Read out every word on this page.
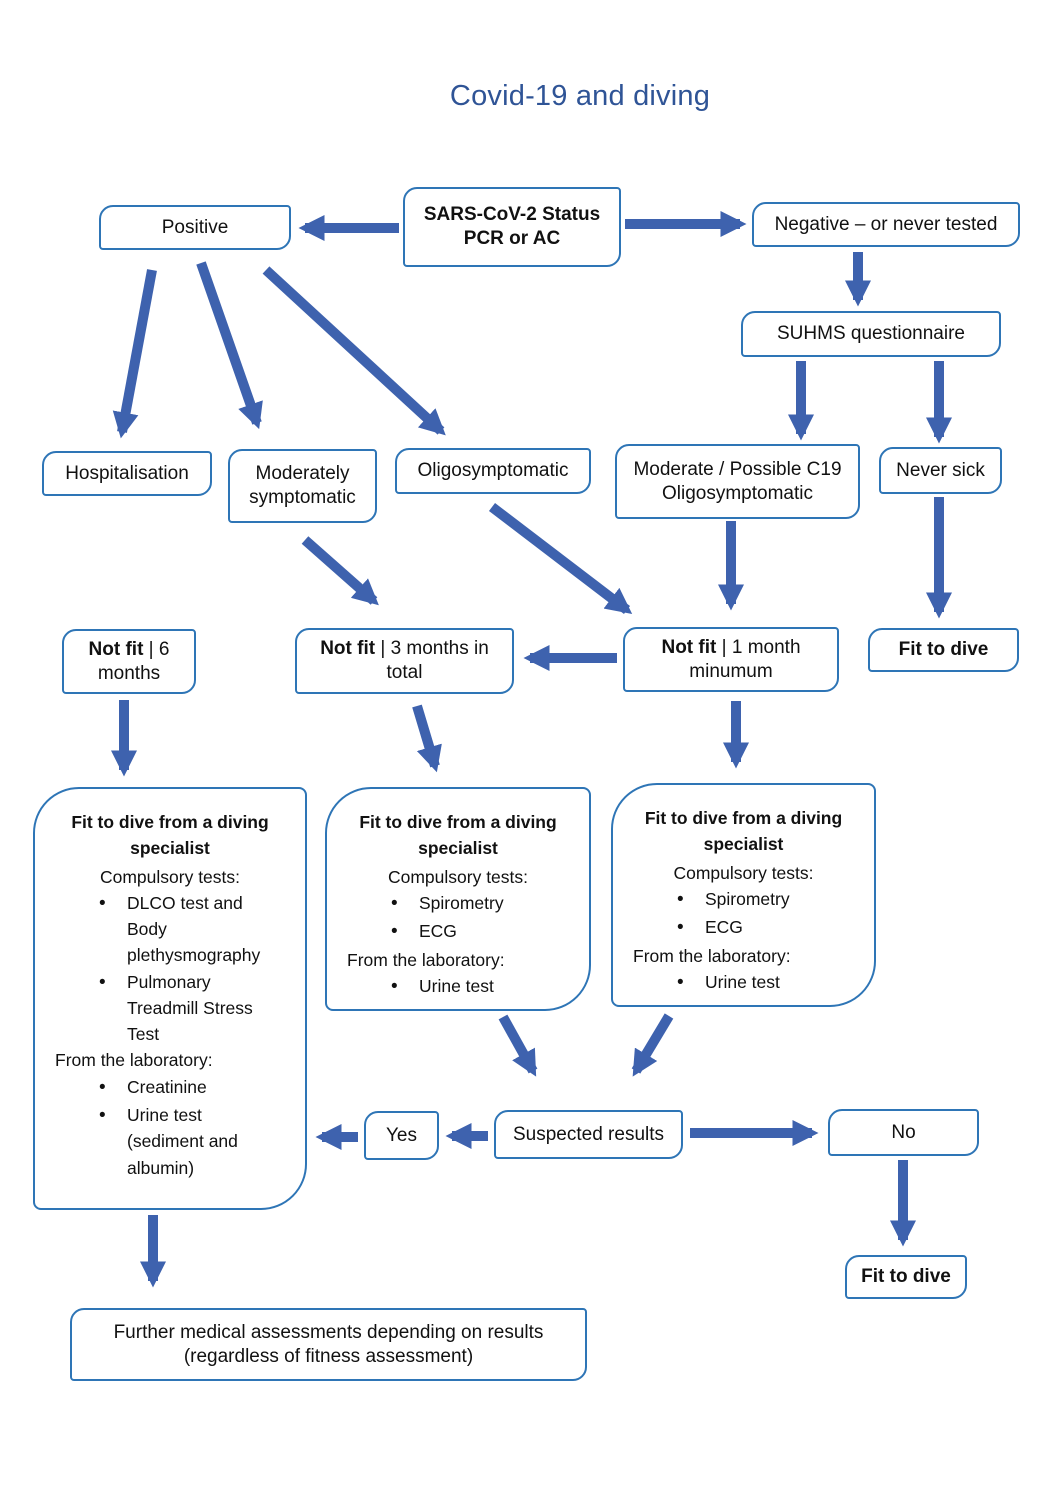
Covid-19 and diving
SARS-CoV-2 Status
PCR or AC
Positive	Negative – or never tested
SUHMS questionnaire
Hospitalisation	Moderately
symptomatic
Oligosymptomatic	Moderate / Possible C19
Oligosymptomatic
Never sick
Not fit | 6 months
Not fit | 3 months in total
Not fit | 1 month minumum
Fit to dive
Fit to dive from a diving specialist
Compulsory tests:
• DLCO test and Body plethysmography
• Pulmonary Treadmill Stress Test
From the laboratory:
• Creatinine
• Urine test (sediment and albumin)
Fit to dive from a diving specialist
Compulsory tests:
• Spirometry
• ECG
From the laboratory:
• Urine test
Fit to dive from a diving specialist
Compulsory tests:
• Spirometry
• ECG
From the laboratory:
• Urine test
Yes	Suspected results	No
Fit to dive
Further medical assessments depending on results
(regardless of fitness assessment)
